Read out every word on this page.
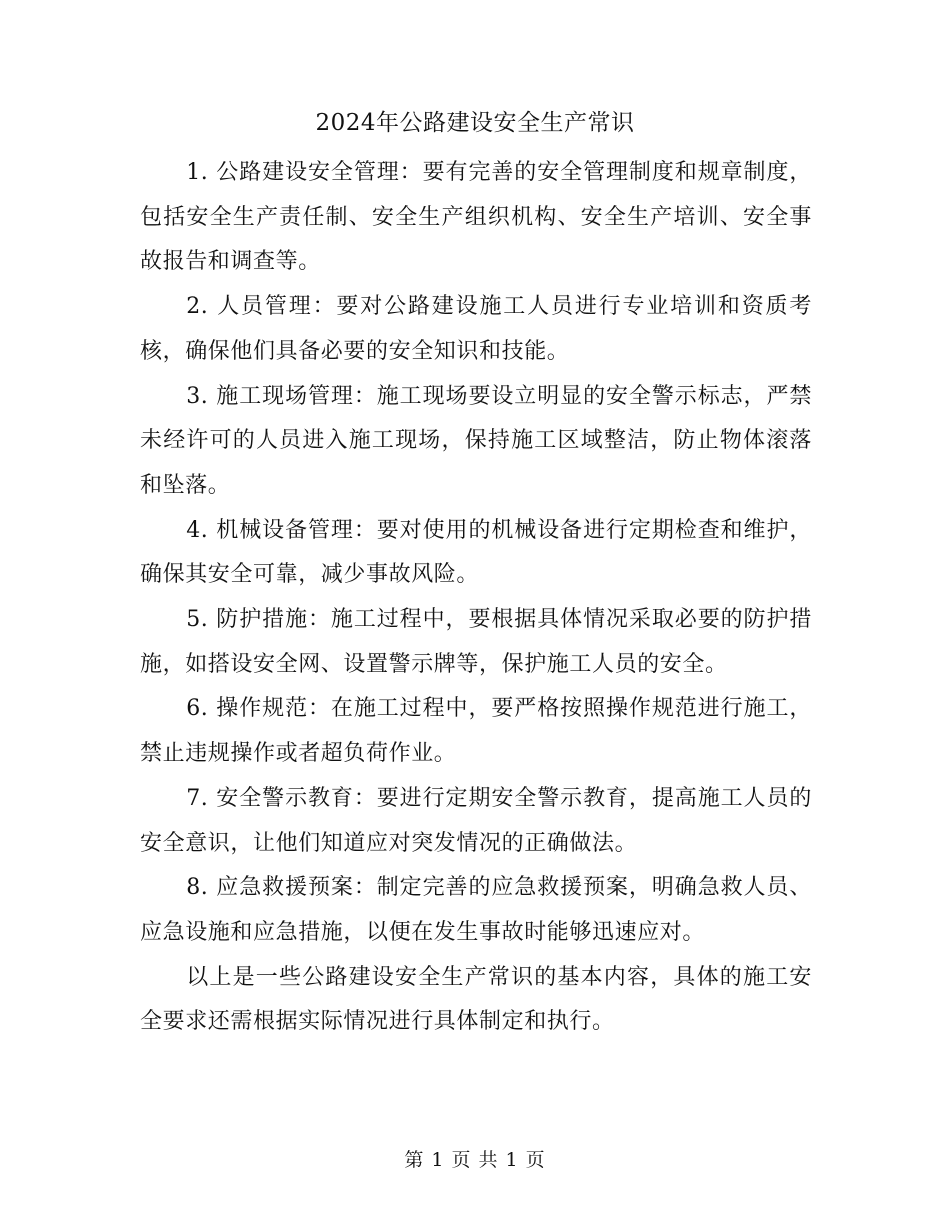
2024年公路建设安全生产常识

1. 公路建设安全管理：要有完善的安全管理制度和规章制度，包括安全生产责任制、安全生产组织机构、安全生产培训、安全事故报告和调查等。

2. 人员管理：要对公路建设施工人员进行专业培训和资质考核，确保他们具备必要的安全知识和技能。

3. 施工现场管理：施工现场要设立明显的安全警示标志，严禁未经许可的人员进入施工现场，保持施工区域整洁，防止物体滚落和坠落。

4. 机械设备管理：要对使用的机械设备进行定期检查和维护，确保其安全可靠，减少事故风险。

5. 防护措施：施工过程中，要根据具体情况采取必要的防护措施，如搭设安全网、设置警示牌等，保护施工人员的安全。

6. 操作规范：在施工过程中，要严格按照操作规范进行施工，禁止违规操作或者超负荷作业。

7. 安全警示教育：要进行定期安全警示教育，提高施工人员的安全意识，让他们知道应对突发情况的正确做法。

8. 应急救援预案：制定完善的应急救援预案，明确急救人员、应急设施和应急措施，以便在发生事故时能够迅速应对。

以上是一些公路建设安全生产常识的基本内容，具体的施工安全要求还需根据实际情况进行具体制定和执行。

第 1 页 共 1 页
